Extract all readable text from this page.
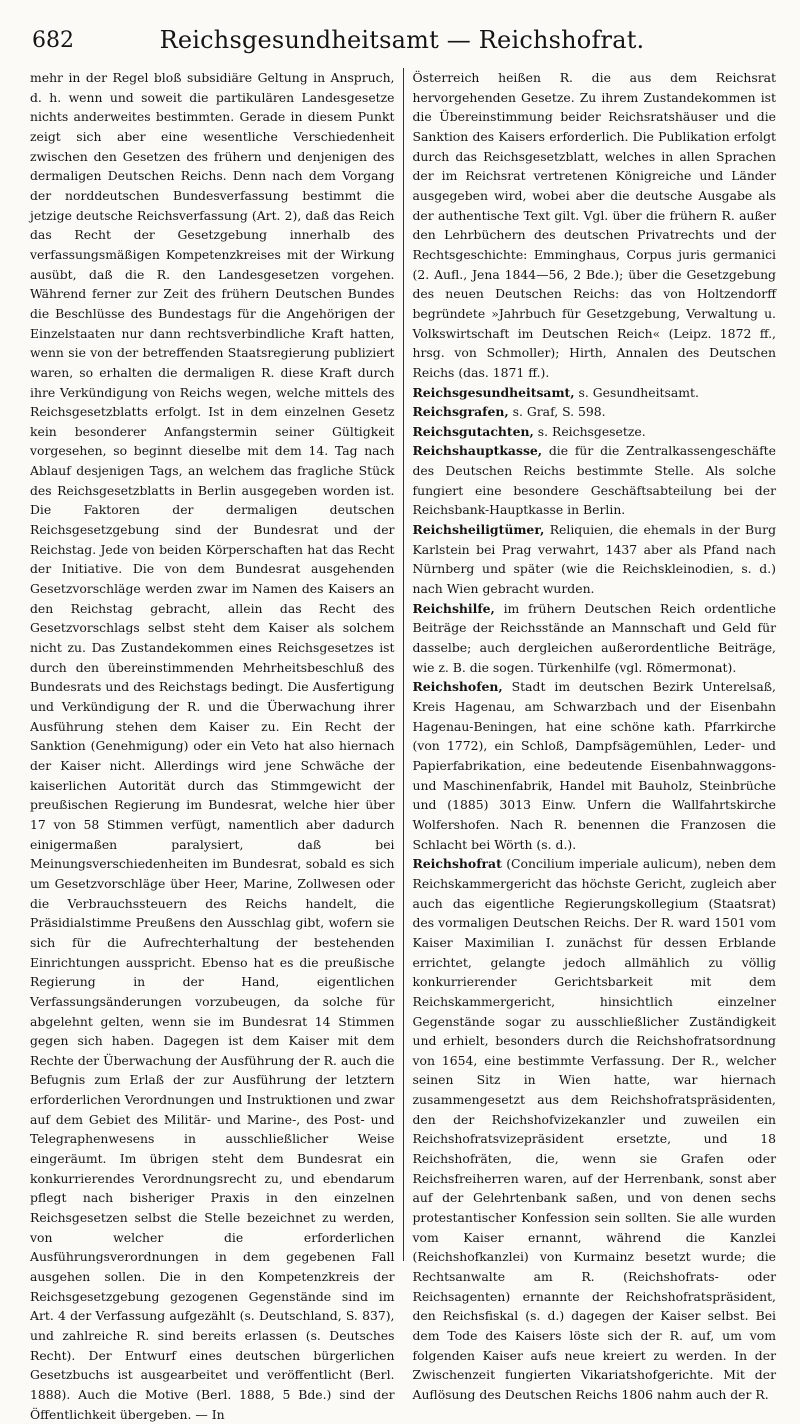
682	Reichsgesundheitsamt — Reichshofrat.

mehr in der Regel bloß subsidiäre Geltung in Anspruch, d. h. wenn und soweit die partikulären Landesgesetze nichts anderweites bestimmten. Gerade in diesem Punkt zeigt sich aber eine wesentliche Verschiedenheit zwischen den Gesetzen des frühern und denjenigen des dermaligen Deutschen Reichs. Denn nach dem Vorgang der norddeutschen Bundesverfassung bestimmt die jetzige deutsche Reichsverfassung (Art. 2), daß das Reich das Recht der Gesetzgebung innerhalb des verfassungsmäßigen Kompetenzkreises mit der Wirkung ausübt, daß die R. den Landesgesetzen vorgehen. Während ferner zur Zeit des frühern Deutschen Bundes die Beschlüsse des Bundestags für die Angehörigen der Einzelstaaten nur dann rechtsverbindliche Kraft hatten, wenn sie von der betreffenden Staatsregierung publiziert waren, so erhalten die dermaligen R. diese Kraft durch ihre Verkündigung von Reichs wegen, welche mittels des Reichsgesetzblatts erfolgt. Ist in dem einzelnen Gesetz kein besonderer Anfangstermin seiner Gültigkeit vorgesehen, so beginnt dieselbe mit dem 14. Tag nach Ablauf desjenigen Tags, an welchem das fragliche Stück des Reichsgesetzblatts in Berlin ausgegeben worden ist. Die Faktoren der dermaligen deutschen Reichsgesetzgebung sind der Bundesrat und der Reichstag. Jede von beiden Körperschaften hat das Recht der Initiative. Die von dem Bundesrat ausgehenden Gesetzvorschläge werden zwar im Namen des Kaisers an den Reichstag gebracht, allein das Recht des Gesetzvorschlags selbst steht dem Kaiser als solchem nicht zu. Das Zustandekommen eines Reichsgesetzes ist durch den übereinstimmenden Mehrheitsbeschluß des Bundesrats und des Reichstags bedingt. Die Ausfertigung und Verkündigung der R. und die Überwachung ihrer Ausführung stehen dem Kaiser zu. Ein Recht der Sanktion (Genehmigung) oder ein Veto hat also hiernach der Kaiser nicht. Allerdings wird jene Schwäche der kaiserlichen Autorität durch das Stimmgewicht der preußischen Regierung im Bundesrat, welche hier über 17 von 58 Stimmen verfügt, namentlich aber dadurch einigermaßen paralysiert, daß bei Meinungsverschiedenheiten im Bundesrat, sobald es sich um Gesetzvorschläge über Heer, Marine, Zollwesen oder die Verbrauchssteuern des Reichs handelt, die Präsidialstimme Preußens den Ausschlag gibt, wofern sie sich für die Aufrechterhaltung der bestehenden Einrichtungen ausspricht. Ebenso hat es die preußische Regierung in der Hand, eigentlichen Verfassungsänderungen vorzubeugen, da solche für abgelehnt gelten, wenn sie im Bundesrat 14 Stimmen gegen sich haben. Dagegen ist dem Kaiser mit dem Rechte der Überwachung der Ausführung der R. auch die Befugnis zum Erlaß der zur Ausführung der letztern erforderlichen Verordnungen und Instruktionen und zwar auf dem Gebiet des Militär- und Marine-, des Post- und Telegraphenwesens in ausschließlicher Weise eingeräumt. Im übrigen steht dem Bundesrat ein konkurrierendes Verordnungsrecht zu, und ebendarum pflegt nach bisheriger Praxis in den einzelnen Reichsgesetzen selbst die Stelle bezeichnet zu werden, von welcher die erforderlichen Ausführungsverordnungen in dem gegebenen Fall ausgehen sollen. Die in den Kompetenzkreis der Reichsgesetzgebung gezogenen Gegenstände sind im Art. 4 der Verfassung aufgezählt (s. Deutschland, S. 837), und zahlreiche R. sind bereits erlassen (s. Deutsches Recht). Der Entwurf eines deutschen bürgerlichen Gesetzbuchs ist ausgearbeitet und veröffentlicht (Berl. 1888). Auch die Motive (Berl. 1888, 5 Bde.) sind der Öffentlichkeit übergeben. — In

Österreich heißen R. die aus dem Reichsrat hervorgehenden Gesetze. Zu ihrem Zustandekommen ist die Übereinstimmung beider Reichsratshäuser und die Sanktion des Kaisers erforderlich. Die Publikation erfolgt durch das Reichsgesetzblatt, welches in allen Sprachen der im Reichsrat vertretenen Königreiche und Länder ausgegeben wird, wobei aber die deutsche Ausgabe als der authentische Text gilt. Vgl. über die frühern R. außer den Lehrbüchern des deutschen Privatrechts und der Rechtsgeschichte: Emminghaus, Corpus juris germanici (2. Aufl., Jena 1844—56, 2 Bde.); über die Gesetzgebung des neuen Deutschen Reichs: das von Holtzendorff begründete »Jahrbuch für Gesetzgebung, Verwaltung u. Volkswirtschaft im Deutschen Reich« (Leipz. 1872 ff., hrsg. von Schmoller); Hirth, Annalen des Deutschen Reichs (das. 1871 ff.).

Reichsgesundheitsamt, s. Gesundheitsamt.

Reichsgrafen, s. Graf, S. 598.

Reichsgutachten, s. Reichsgesetze.

Reichshauptkasse, die für die Zentralkassengeschäfte des Deutschen Reichs bestimmte Stelle. Als solche fungiert eine besondere Geschäftsabteilung bei der Reichsbank-Hauptkasse in Berlin.

Reichsheiligtümer, Reliquien, die ehemals in der Burg Karlstein bei Prag verwahrt, 1437 aber als Pfand nach Nürnberg und später (wie die Reichskleinodien, s. d.) nach Wien gebracht wurden.

Reichshilfe, im frühern Deutschen Reich ordentliche Beiträge der Reichsstände an Mannschaft und Geld für dasselbe; auch dergleichen außerordentliche Beiträge, wie z. B. die sogen. Türkenhilfe (vgl. Römermonat).

Reichshofen, Stadt im deutschen Bezirk Unterelsaß, Kreis Hagenau, am Schwarzbach und der Eisenbahn Hagenau-Beningen, hat eine schöne kath. Pfarrkirche (von 1772), ein Schloß, Dampfsägemühlen, Leder- und Papierfabrikation, eine bedeutende Eisenbahnwaggons- und Maschinenfabrik, Handel mit Bauholz, Steinbrüche und (1885) 3013 Einw. Unfern die Wallfahrtskirche Wolfershofen. Nach R. benennen die Franzosen die Schlacht bei Wörth (s. d.).

Reichshofrat (Concilium imperiale aulicum), neben dem Reichskammergericht das höchste Gericht, zugleich aber auch das eigentliche Regierungskollegium (Staatsrat) des vormaligen Deutschen Reichs. Der R. ward 1501 vom Kaiser Maximilian I. zunächst für dessen Erblande errichtet, gelangte jedoch allmählich zu völlig konkurrierender Gerichtsbarkeit mit dem Reichskammergericht, hinsichtlich einzelner Gegenstände sogar zu ausschließlicher Zuständigkeit und erhielt, besonders durch die Reichshofratsordnung von 1654, eine bestimmte Verfassung. Der R., welcher seinen Sitz in Wien hatte, war hiernach zusammengesetzt aus dem Reichshofratspräsidenten, den der Reichshofvizekanzler und zuweilen ein Reichshofratsvizepräsident ersetzte, und 18 Reichshofräten, die, wenn sie Grafen oder Reichsfreiherren waren, auf der Herrenbank, sonst aber auf der Gelehrtenbank saßen, und von denen sechs protestantischer Konfession sein sollten. Sie alle wurden vom Kaiser ernannt, während die Kanzlei (Reichshofkanzlei) von Kurmainz besetzt wurde; die Rechtsanwalte am R. (Reichshofrats- oder Reichsagenten) ernannte der Reichshofratspräsident, den Reichsfiskal (s. d.) dagegen der Kaiser selbst. Bei dem Tode des Kaisers löste sich der R. auf, um vom folgenden Kaiser aufs neue kreiert zu werden. In der Zwischenzeit fungierten Vikariatshofgerichte. Mit der Auflösung des Deutschen Reichs 1806 nahm auch der R.
